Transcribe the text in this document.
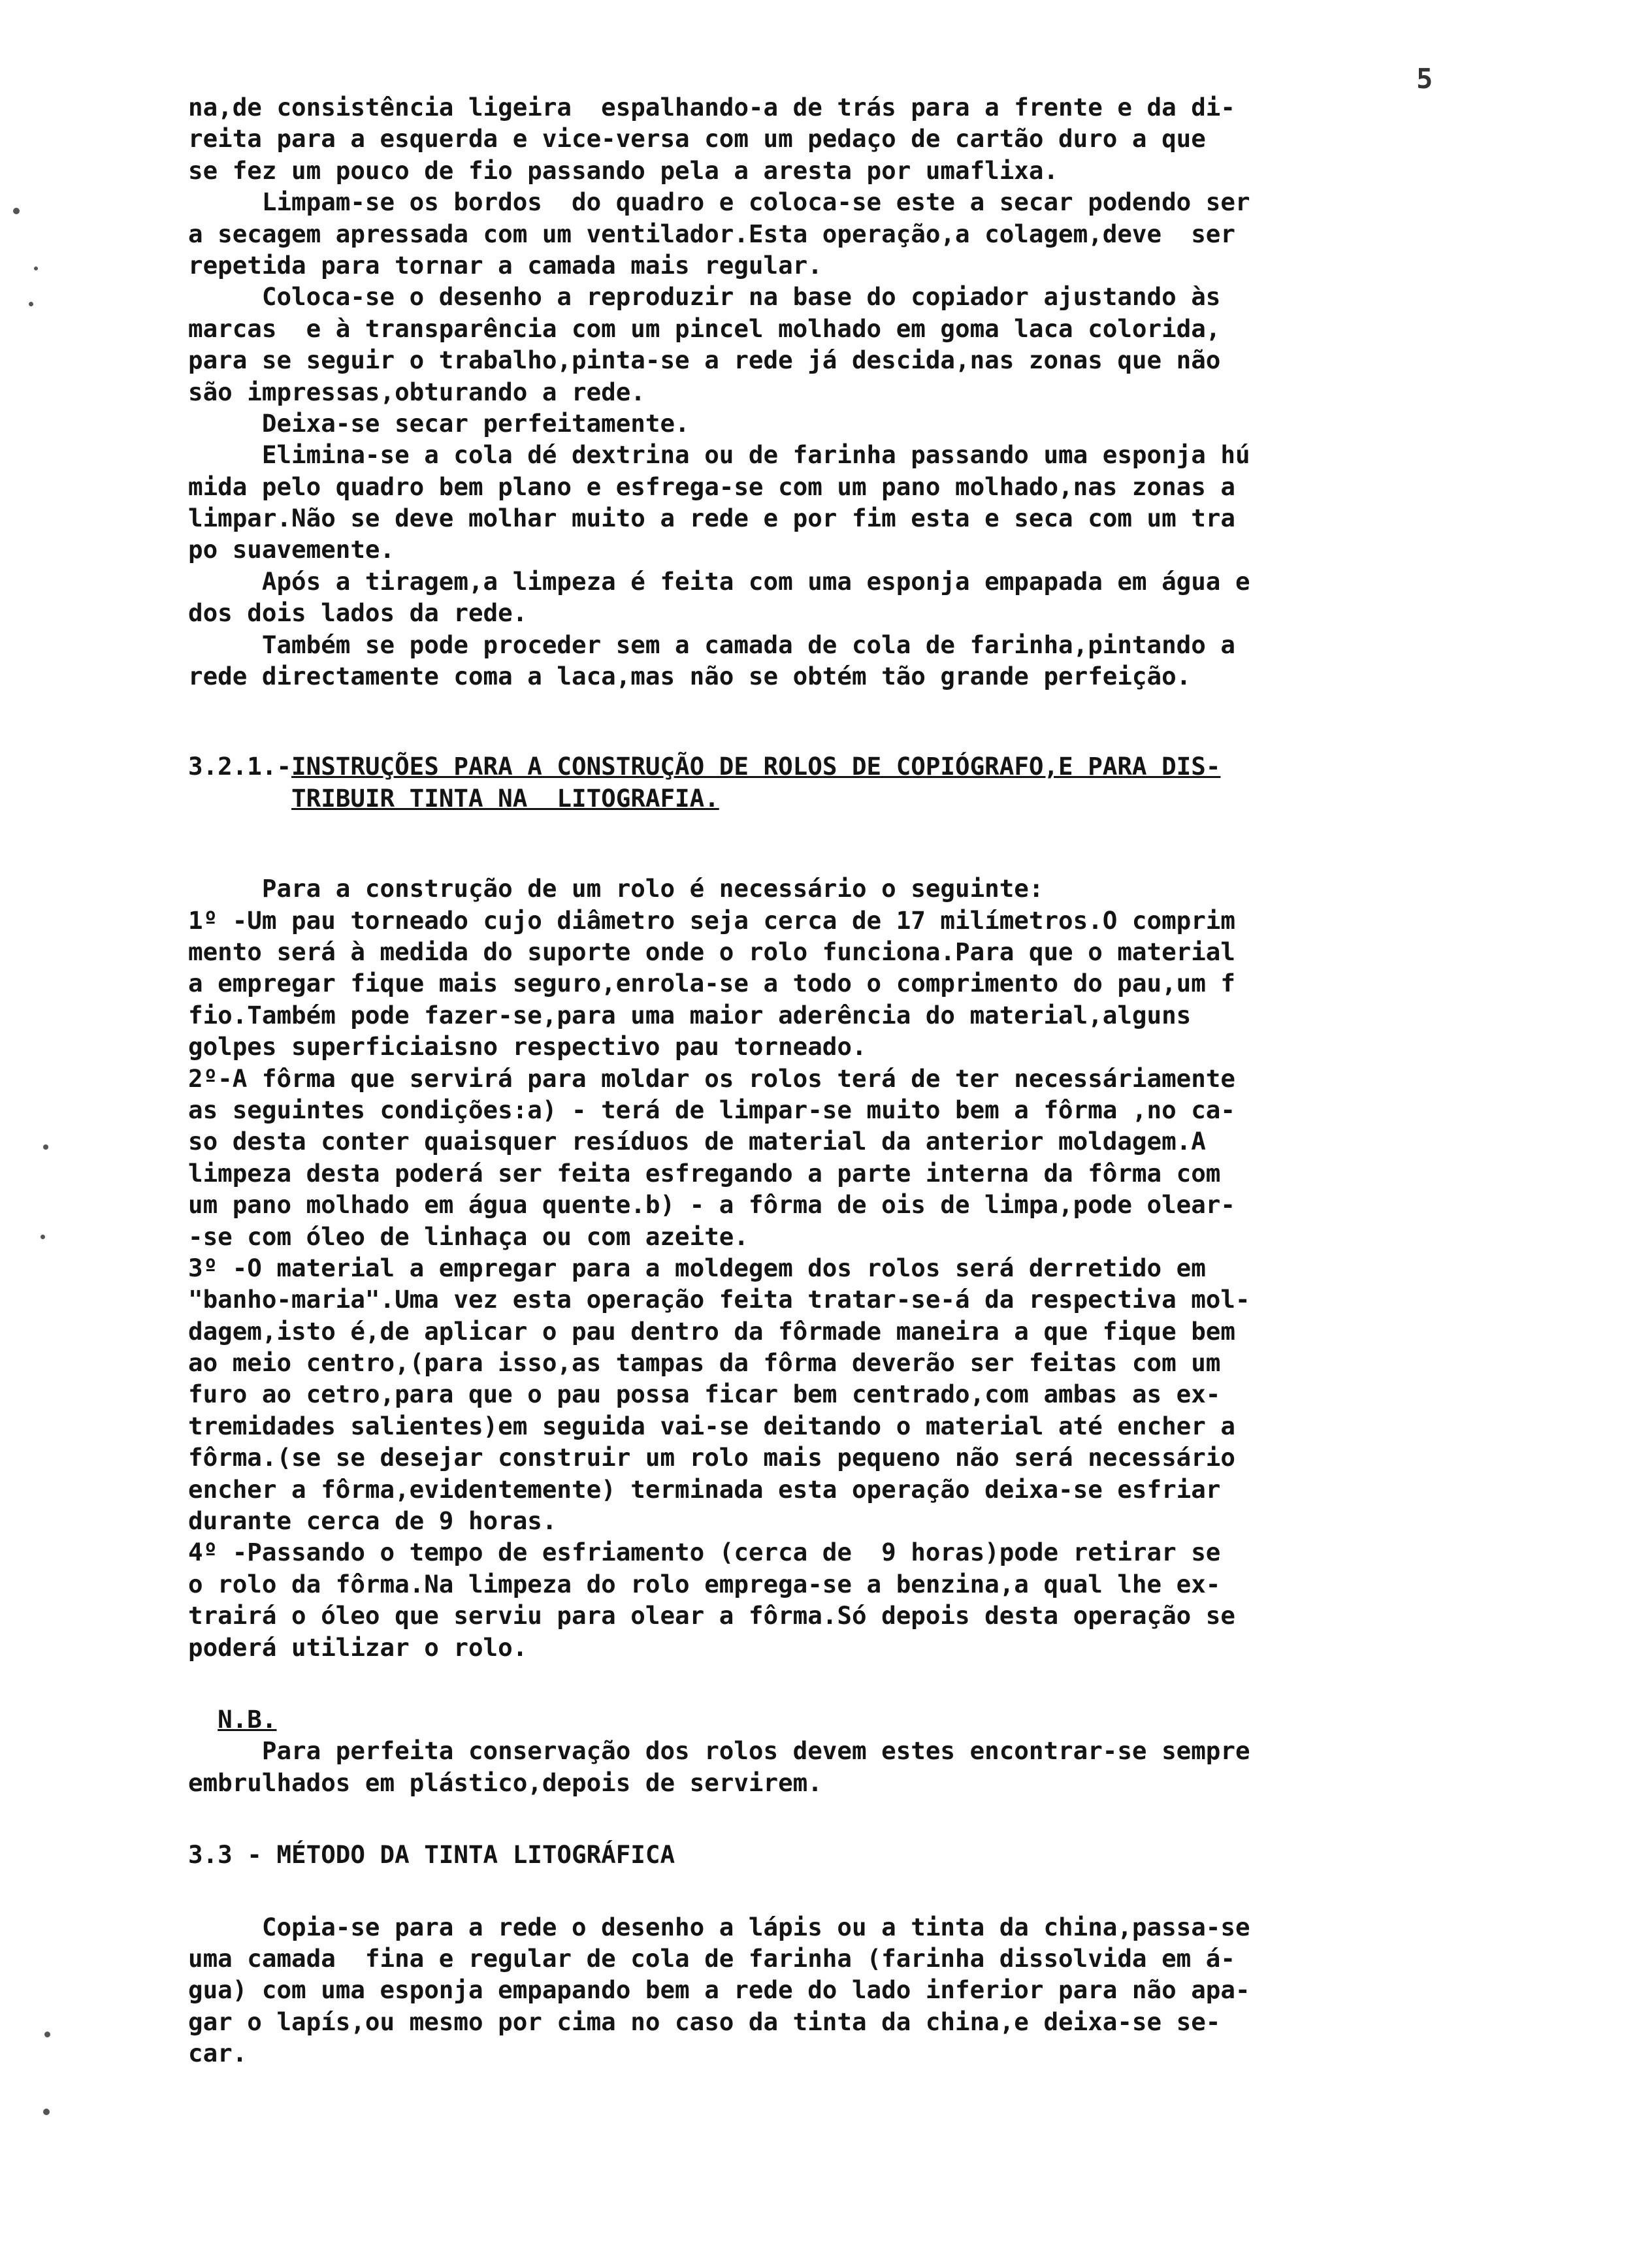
5
na,de consistência ligeira  espalhando-a de trás para a frente e da di-
reita para a esquerda e vice-versa com um pedaço de cartão duro a que
se fez um pouco de fio passando pela a aresta por umaflixa.
Limpam-se os bordos  do quadro e coloca-se este a secar podendo ser
a secagem apressada com um ventilador.Esta operação,a colagem,deve  ser
repetida para tornar a camada mais regular.
Coloca-se o desenho a reproduzir na base do copiador ajustando às
marcas  e à transparência com um pincel molhado em goma laca colorida,
para se seguir o trabalho,pinta-se a rede já descida,nas zonas que não
são impressas,obturando a rede.
Deixa-se secar perfeitamente.
Elimina-se a cola dé dextrina ou de farinha passando uma esponja hú
mida pelo quadro bem plano e esfrega-se com um pano molhado,nas zonas a
limpar.Não se deve molhar muito a rede e por fim esta e seca com um tra
po suavemente.
Após a tiragem,a limpeza é feita com uma esponja empapada em água e
dos dois lados da rede.
Também se pode proceder sem a camada de cola de farinha,pintando a
rede directamente coma a laca,mas não se obtém tão grande perfeição.
3.2.1.-INSTRUÇÕES PARA A CONSTRUÇÃO DE ROLOS DE COPIÓGRAFO,E PARA DIS-
TRIBUIR TINTA NA  LITOGRAFIA.
Para a construção de um rolo é necessário o seguinte:
1º -Um pau torneado cujo diâmetro seja cerca de 17 milímetros.O comprim
mento será à medida do suporte onde o rolo funciona.Para que o material
a empregar fique mais seguro,enrola-se a todo o comprimento do pau,um f
fio.Também pode fazer-se,para uma maior aderência do material,alguns
golpes superficiaisno respectivo pau torneado.
2º-A fôrma que servirá para moldar os rolos terá de ter necessáriamente
as seguintes condições:a) - terá de limpar-se muito bem a fôrma ,no ca-
so desta conter quaisquer resíduos de material da anterior moldagem.A
limpeza desta poderá ser feita esfregando a parte interna da fôrma com
um pano molhado em água quente.b) - a fôrma de ois de limpa,pode olear-
-se com óleo de linhaça ou com azeite.
3º -O material a empregar para a moldegem dos rolos será derretido em
"banho-maria".Uma vez esta operação feita tratar-se-á da respectiva mol-
dagem,isto é,de aplicar o pau dentro da fôrmade maneira a que fique bem
ao meio centro,(para isso,as tampas da fôrma deverão ser feitas com um
furo ao cetro,para que o pau possa ficar bem centrado,com ambas as ex-
tremidades salientes)em seguida vai-se deitando o material até encher a
fôrma.(se se desejar construir um rolo mais pequeno não será necessário
encher a fôrma,evidentemente) terminada esta operação deixa-se esfriar
durante cerca de 9 horas.
4º -Passando o tempo de esfriamento (cerca de  9 horas)pode retirar se
o rolo da fôrma.Na limpeza do rolo emprega-se a benzina,a qual lhe ex-
trairá o óleo que serviu para olear a fôrma.Só depois desta operação se
poderá utilizar o rolo.
N.B.
Para perfeita conservação dos rolos devem estes encontrar-se sempre
embrulhados em plástico,depois de servirem.
3.3 - MÉTODO DA TINTA LITOGRÁFICA
Copia-se para a rede o desenho a lápis ou a tinta da china,passa-se
uma camada  fina e regular de cola de farinha (farinha dissolvida em á-
gua) com uma esponja empapando bem a rede do lado inferior para não apa-
gar o lapís,ou mesmo por cima no caso da tinta da china,e deixa-se se-
car.
